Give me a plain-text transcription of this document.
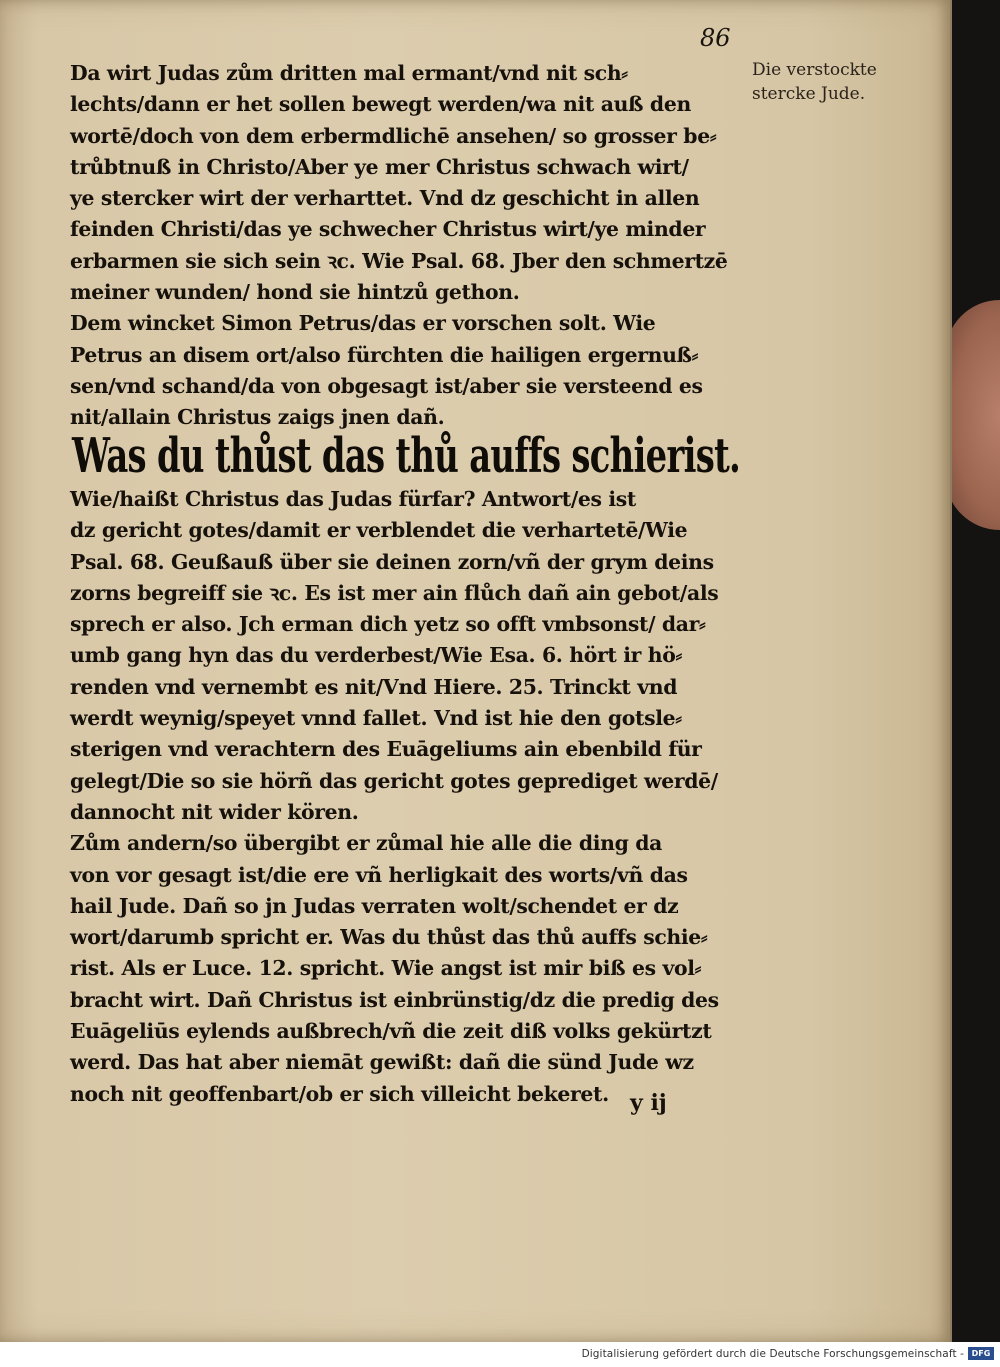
86
Die verstockte
stercke Jude.
Da wirt Judas zům dritten mal ermant/vnd nit sch⸗
lechts/dann er het sollen bewegt werden/wa nit auß den
wortē/doch von dem erbermdlichē ansehen/ so grosser be⸗
trůbtnuß in Christo/Aber ye mer Christus schwach wirt/
ye stercker wirt der verharttet. Vnd dz geschicht in allen
feinden Christi/das ye schwecher Christus wirt/ye minder
erbarmen sie sich sein ꝛc. Wie Psal. 68. Jber den schmertzē
meiner wunden/ hond sie hintzů gethon.
Dem wincket Simon Petrus/das er vorschen solt. Wie
Petrus an disem ort/also fürchten die hailigen ergernuß⸗
sen/vnd schand/da von obgesagt ist/aber sie versteend es
nit/allain Christus zaigs jnen dañ.
Was du thůst das thů auffs schierist.
Wie/haißt Christus das Judas fürfar? Antwort/es ist
dz gericht gotes/damit er verblendet die verhartetē/Wie
Psal. 68. Geußauß über sie deinen zorn/vñ der grym deins
zorns begreiff sie ꝛc. Es ist mer ain flůch dañ ain gebot/als
sprech er also. Jch erman dich yetz so offt vmbsonst/ dar⸗
umb gang hyn das du verderbest/Wie Esa. 6. hört ir hö⸗
renden vnd vernembt es nit/Vnd Hiere. 25. Trinckt vnd
werdt weynig/speyet vnnd fallet. Vnd ist hie den gotsle⸗
sterigen vnd verachtern des Euāgeliums ain ebenbild für
gelegt/Die so sie hörñ das gericht gotes geprediget werdē/
dannocht nit wider kören.
Zům andern/so übergibt er zůmal hie alle die ding da
von vor gesagt ist/die ere vñ herligkait des worts/vñ das
hail Jude. Dañ so jn Judas verraten wolt/schendet er dz
wort/darumb spricht er. Was du thůst das thů auffs schie⸗
rist. Als er Luce. 12. spricht. Wie angst ist mir biß es vol⸗
bracht wirt. Dañ Christus ist einbrünstig/dz die predig des
Euāgeliūs eylends außbrech/vñ die zeit diß volks gekürtzt
werd. Das hat aber niemāt gewißt: dañ die sünd Jude wz
noch nit geoffenbart/ob er sich villeicht bekeret. y ij
Digitalisierung gefördert durch die Deutsche Forschungsgemeinschaft - DFG
